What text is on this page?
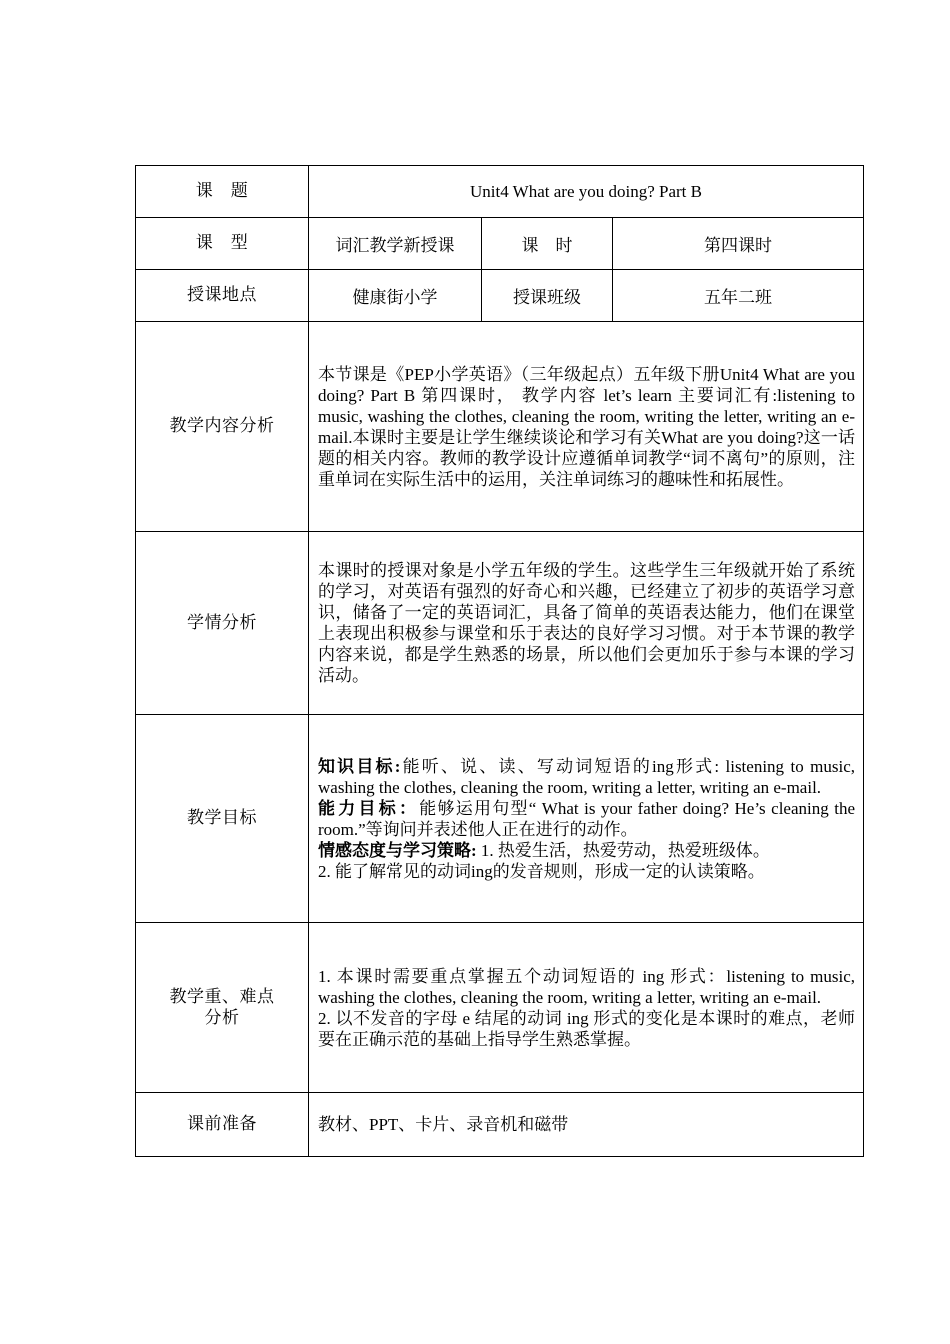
课　题	Unit4 What are you doing? Part B		

课　型	词汇教学新授课	课　时	第四课时

授课地点	健康街小学	授课班级	五年二班

教学内容分析	本节课是《PEP小学英语》（三年级起点）五年级下册Unit4 What are you doing? Part B 第四课时， 教学内容 let’s learn 主要词汇有:listening to music, washing the clothes, cleaning the room, writing the letter, writing an e-mail.本课时主要是让学生继续谈论和学习有关What are you doing?这一话题的相关内容。教师的教学设计应遵循单词教学“词不离句”的原则，注重单词在实际生活中的运用，关注单词练习的趣味性和拓展性。		

学情分析	本课时的授课对象是小学五年级的学生。这些学生三年级就开始了系统的学习，对英语有强烈的好奇心和兴趣，已经建立了初步的英语学习意识，储备了一定的英语词汇，具备了简单的英语表达能力，他们在课堂上表现出积极参与课堂和乐于表达的良好学习习惯。对于本节课的教学内容来说，都是学生熟悉的场景，所以他们会更加乐于参与本课的学习活动。		

教学目标	知识目标:能听、说、读、写动词短语的ing形式: listening to music, washing the clothes, cleaning the room, writing a letter, writing an e-mail.

能力目标：能够运用句型“ What is your father doing? He’s cleaning the room.”等询问并表述他人正在进行的动作。

情感态度与学习策略: 1. 热爱生活，热爱劳动，热爱班级体。

2. 能了解常见的动词ing的发音规则，形成一定的认读策略。		

教学重、难点分析	1. 本课时需要重点掌握五个动词短语的 ing 形式：listening to music, washing the clothes, cleaning the room, writing a letter, writing an e-mail.

2. 以不发音的字母 e 结尾的动词 ing 形式的变化是本课时的难点，老师要在正确示范的基础上指导学生熟悉掌握。		

课前准备	教材、PPT、卡片、录音机和磁带		
